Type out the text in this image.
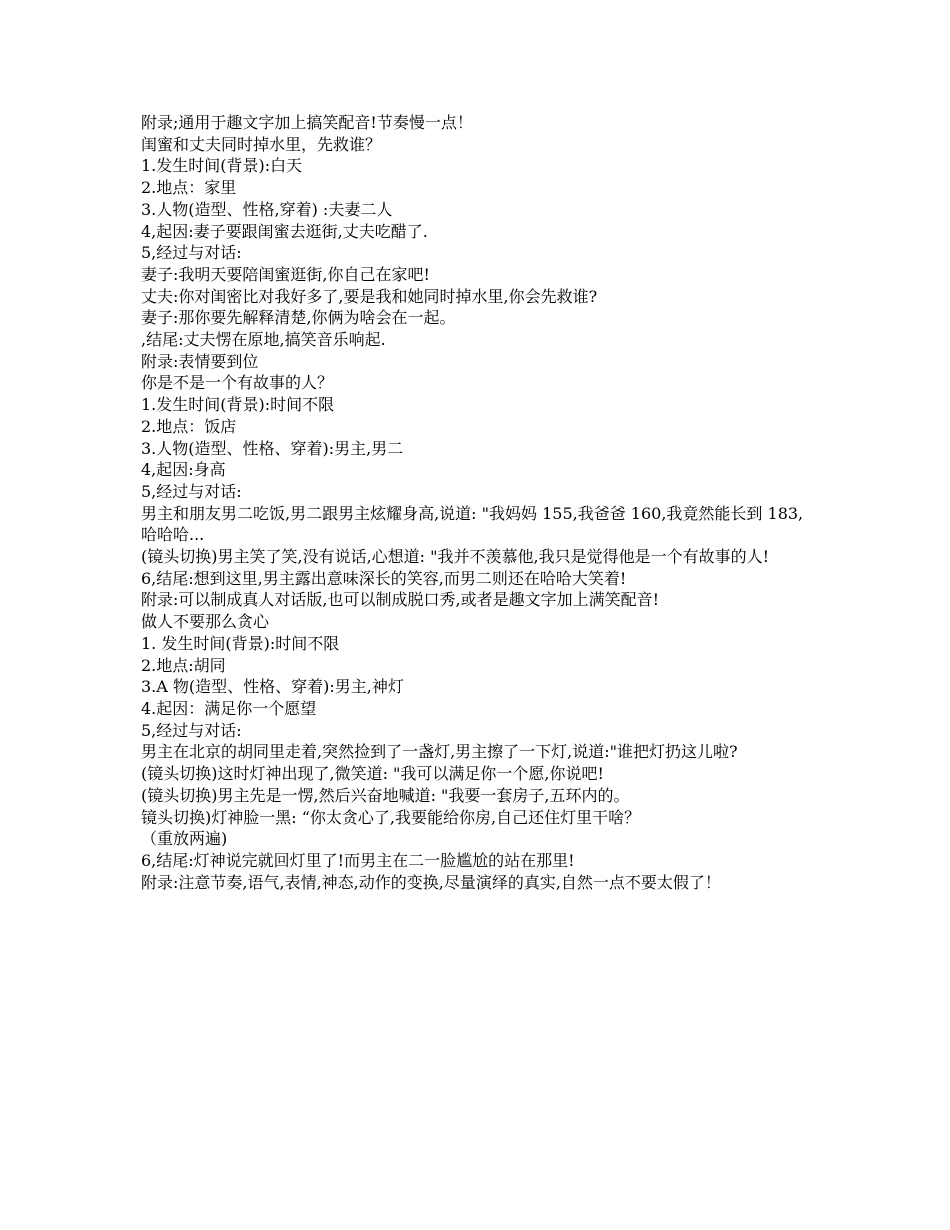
附录;通用于趣文字加上搞笑配音!节奏慢一点！

闺蜜和丈夫同时掉水里，先救谁？

1.发生时间(背景):白天

2.地点：家里

3.人物(造型、性格,穿着) :夫妻二人

4,起因:妻子要跟闺蜜去逛街,丈夫吃醋了.

5,经过与对话:

妻子:我明天要陪闺蜜逛街,你自己在家吧!

丈夫:你对闺密比对我好多了,要是我和她同时掉水里,你会先救谁?

妻子:那你要先解释清楚,你俩为啥会在一起。

,结尾:丈夫愣在原地,搞笑音乐响起.

附录:表情要到位

你是不是一个有故事的人？

1.发生时间(背景):时间不限

2.地点：饭店

3.人物(造型、性格、穿着):男主,男二

4,起因:身高

5,经过与对话:

男主和朋友男二吃饭,男二跟男主炫耀身高,说道: "我妈妈 155,我爸爸 160,我竟然能长到 183, 哈哈哈...

(镜头切换)男主笑了笑,没有说话,心想道: "我并不羡慕他,我只是觉得他是一个有故事的人!

6,结尾:想到这里,男主露出意味深长的笑容,而男二则还在哈哈大笑着!

附录:可以制成真人对话版,也可以制成脱口秀,或者是趣文字加上满笑配音!

做人不要那么贪心

1. 发生时间(背景):时间不限

2.地点:胡同

3.A 物(造型、性格、穿着):男主,神灯

4.起因：满足你一个愿望

5,经过与对话:

男主在北京的胡同里走着,突然捡到了一盏灯,男主擦了一下灯,说道:"谁把灯扔这儿啦?

(镜头切换)这时灯神出现了,微笑道: "我可以满足你一个愿,你说吧!

(镜头切换)男主先是一愣,然后兴奋地喊道: "我要一套房子,五环内的。

镜头切换)灯神脸一黑: “你太贪心了,我要能给你房,自己还住灯里干啥？

（重放两遍)

6,结尾:灯神说完就回灯里了!而男主在二一脸尴尬的站在那里!

附录:注意节奏,语气,表情,神态,动作的变换,尽量演绎的真实,自然一点不要太假了！
